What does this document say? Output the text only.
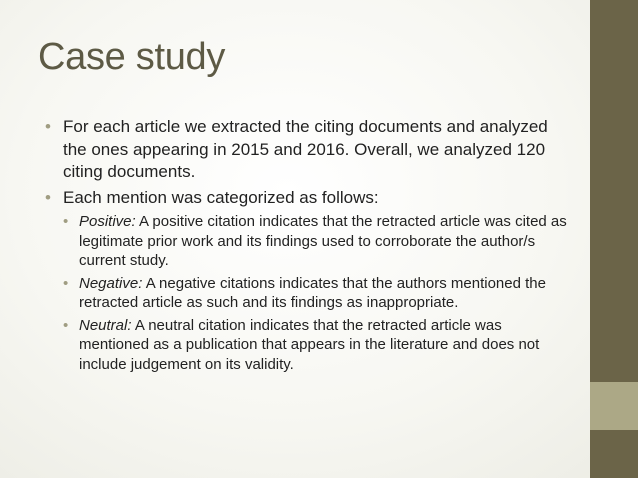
Case study
• For each article we extracted the citing documents and analyzed the ones appearing in 2015 and 2016. Overall, we analyzed 120 citing documents.
• Each mention was categorized as follows:
• Positive: A positive citation indicates that the retracted article was cited as legitimate prior work and its findings used to corroborate the author/s current study.
• Negative: A negative citations indicates that the authors mentioned the retracted article as such and its findings as inappropriate.
• Neutral: A neutral citation indicates that the retracted article was mentioned as a publication that appears in the literature and does not include judgement on its validity.
